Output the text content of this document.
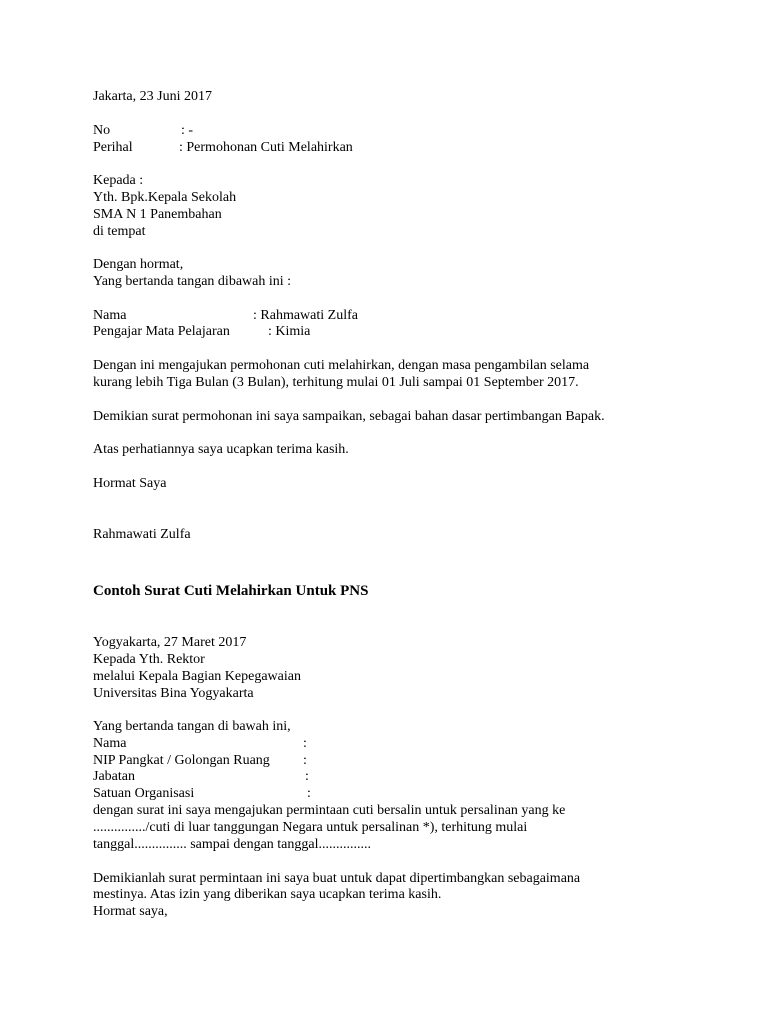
Jakarta, 23 Juni 2017
No	: -
Perihal	: Permohonan Cuti Melahirkan
Kepada :
Yth. Bpk.Kepala Sekolah
SMA N 1 Panembahan
di tempat
Dengan hormat,
Yang bertanda tangan dibawah ini :
Nama	: Rahmawati Zulfa
Pengajar Mata Pelajaran	: Kimia
Dengan ini mengajukan permohonan cuti melahirkan, dengan masa pengambilan selama
kurang lebih Tiga Bulan (3 Bulan), terhitung mulai 01 Juli sampai 01 September 2017.
Demikian surat permohonan ini saya sampaikan, sebagai bahan dasar pertimbangan Bapak.
Atas perhatiannya saya ucapkan terima kasih.
Hormat Saya
Rahmawati Zulfa
Contoh Surat Cuti Melahirkan Untuk PNS
Yogyakarta, 27 Maret 2017
Kepada Yth. Rektor
melalui Kepala Bagian Kepegawaian
Universitas Bina Yogyakarta
Yang bertanda tangan di bawah ini,
Nama	:
NIP Pangkat / Golongan Ruang :
Jabatan	:
Satuan Organisasi	:
dengan surat ini saya mengajukan permintaan cuti bersalin untuk persalinan yang ke
.............../cuti di luar tanggungan Negara untuk persalinan *), terhitung mulai
tanggal............... sampai dengan tanggal...............
Demikianlah surat permintaan ini saya buat untuk dapat dipertimbangkan sebagaimana
mestinya. Atas izin yang diberikan saya ucapkan terima kasih.
Hormat saya,
